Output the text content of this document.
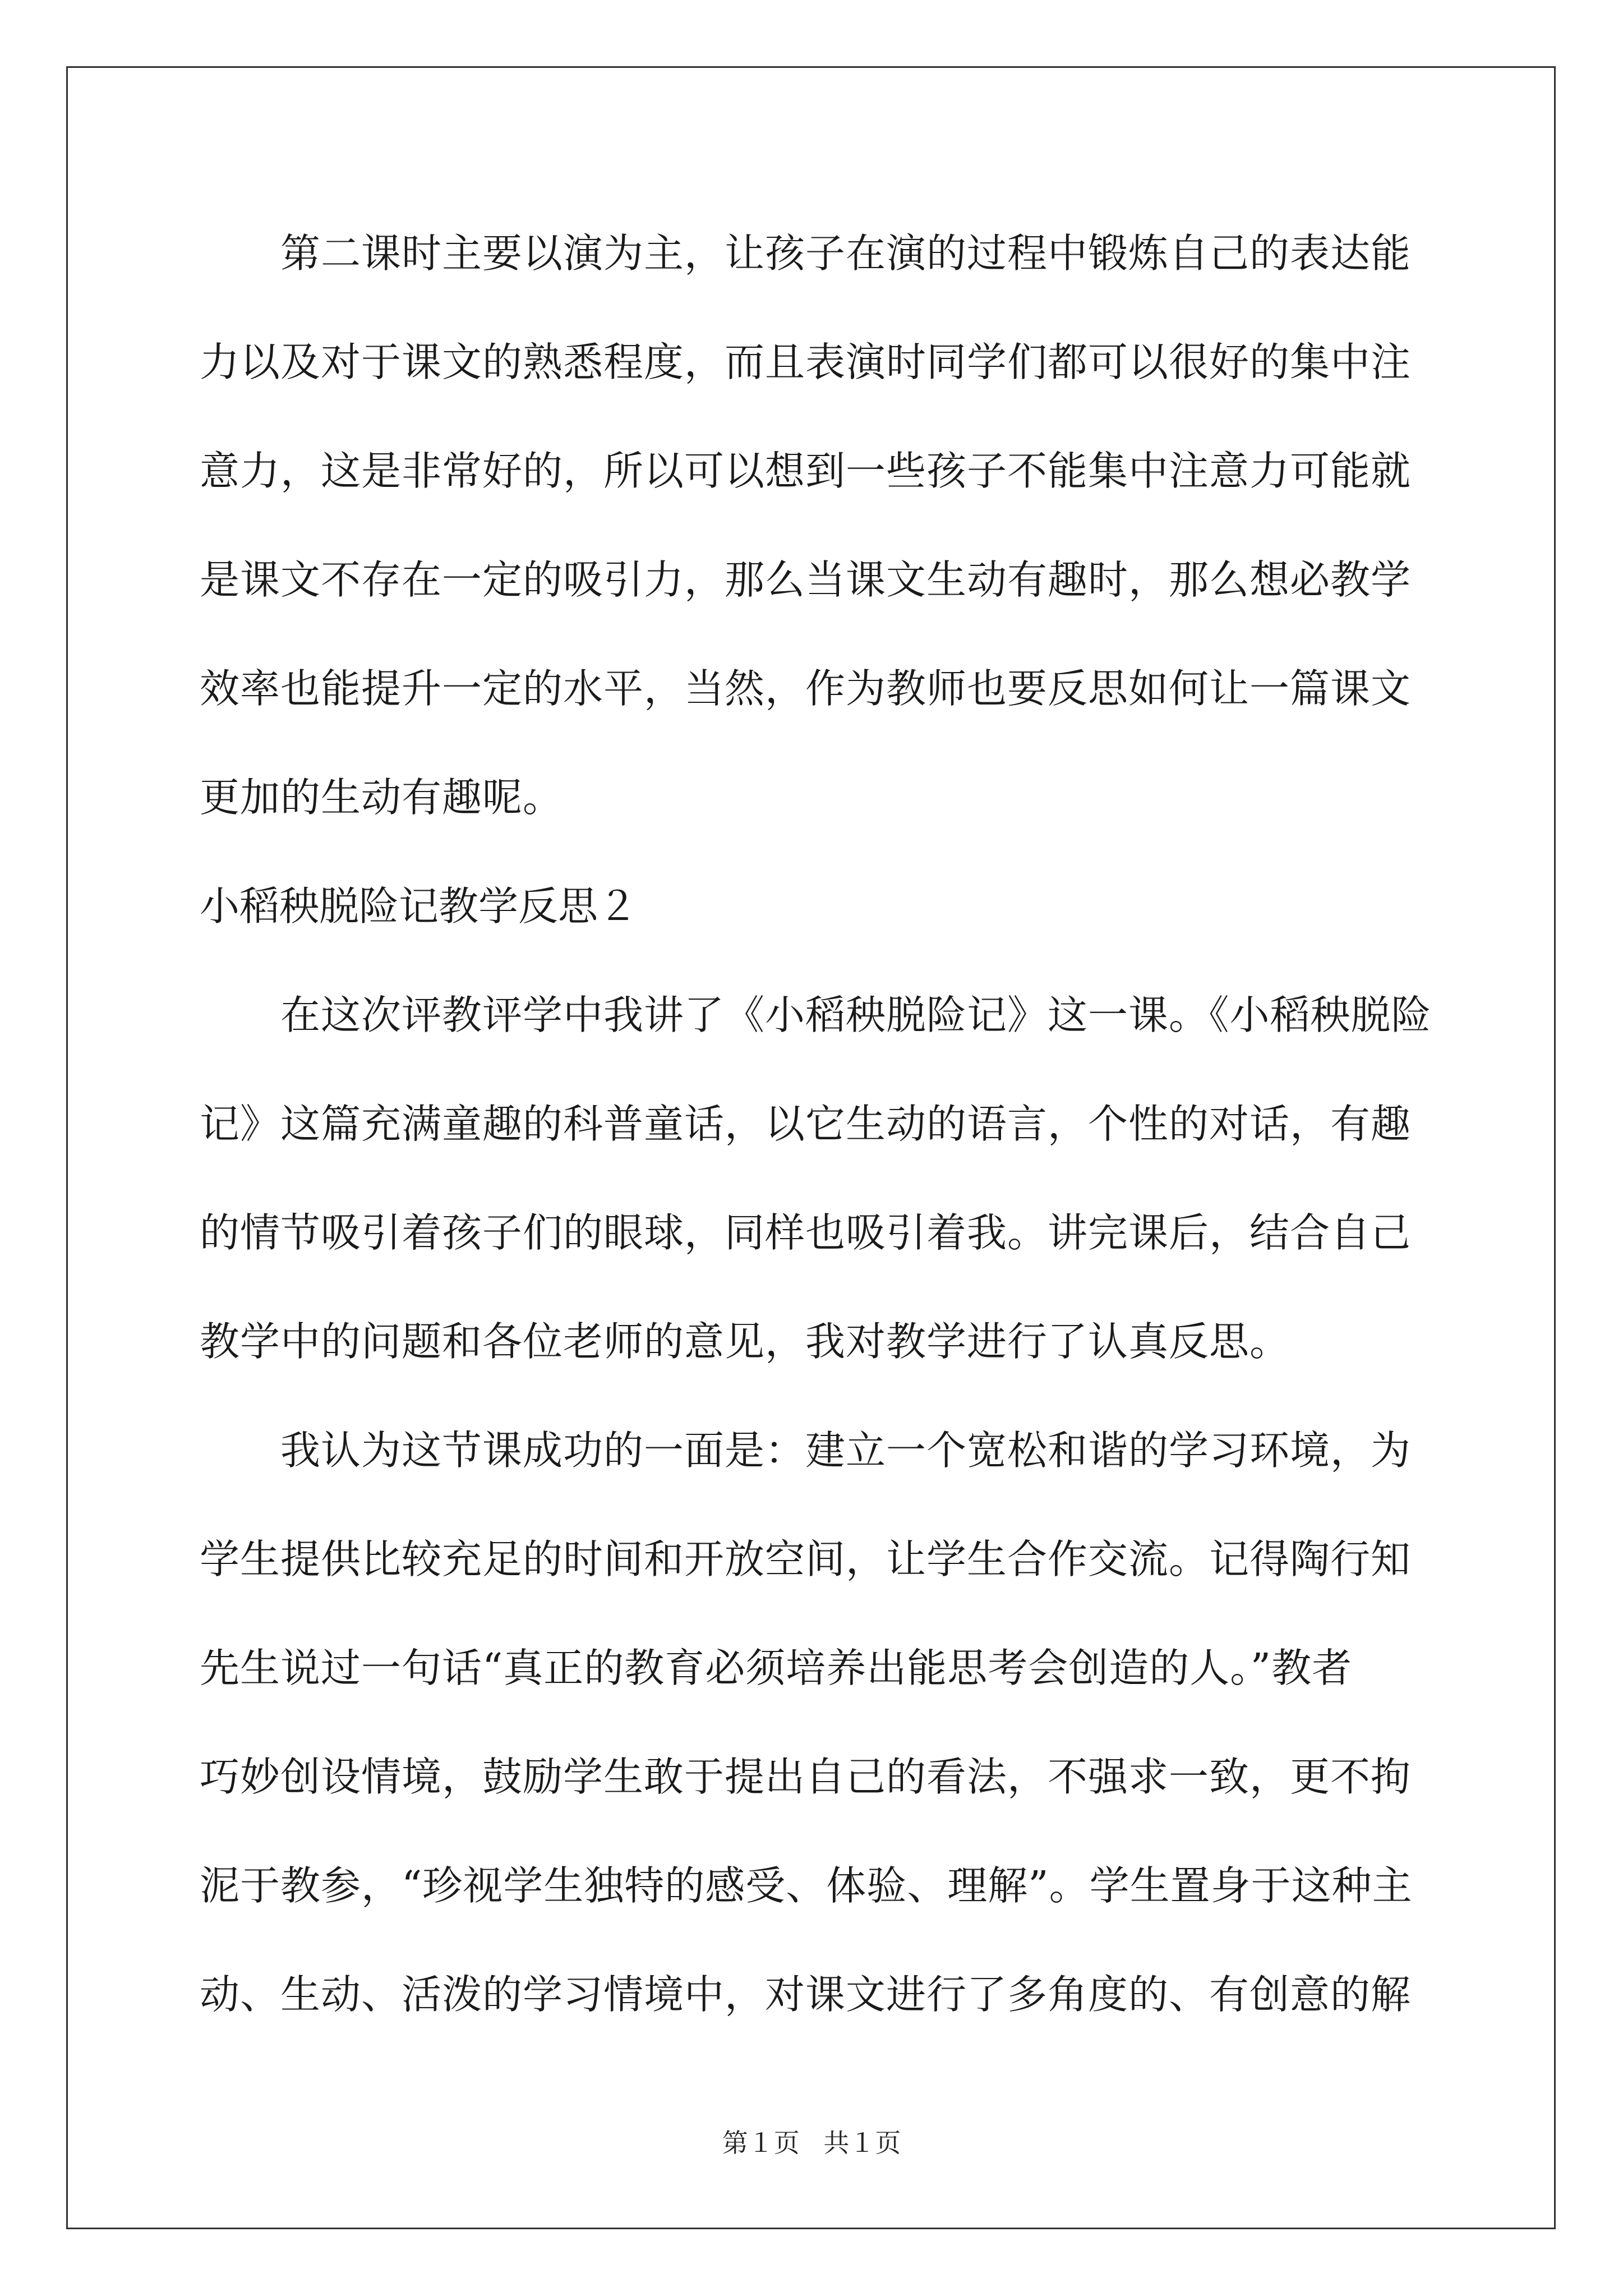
　　第二课时主要以演为主，让孩子在演的过程中锻炼自己的表达能
力以及对于课文的熟悉程度，而且表演时同学们都可以很好的集中注
意力，这是非常好的，所以可以想到一些孩子不能集中注意力可能就
是课文不存在一定的吸引力，那么当课文生动有趣时，那么想必教学
效率也能提升一定的水平，当然，作为教师也要反思如何让一篇课文
更加的生动有趣呢。
小稻秧脱险记教学反思２
　　在这次评教评学中我讲了《小稻秧脱险记》这一课。《小稻秧脱险
记》这篇充满童趣的科普童话，以它生动的语言，个性的对话，有趣
的情节吸引着孩子们的眼球，同样也吸引着我。讲完课后，结合自己
教学中的问题和各位老师的意见，我对教学进行了认真反思。
　　我认为这节课成功的一面是：建立一个宽松和谐的学习环境，为
学生提供比较充足的时间和开放空间，让学生合作交流。记得陶行知
先生说过一句话“真正的教育必须培养出能思考会创造的人。”教者
巧妙创设情境，鼓励学生敢于提出自己的看法，不强求一致，更不拘
泥于教参，“珍视学生独特的感受、体验、理解”。学生置身于这种主
动、生动、活泼的学习情境中，对课文进行了多角度的、有创意的解
第１页 共１页
